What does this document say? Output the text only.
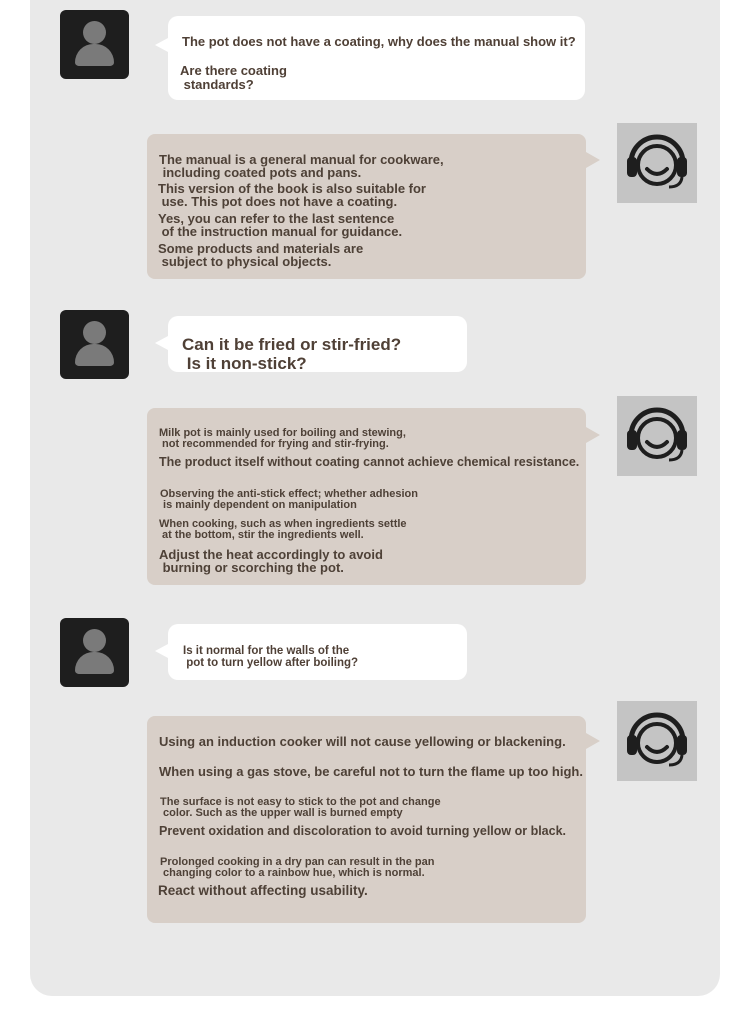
The pot does not have a coating, why does the manual show it?

Are there coating
standards?

The manual is a general manual for cookware,
including coated pots and pans.

This version of the book is also suitable for
use. This pot does not have a coating.

Yes, you can refer to the last sentence
of the instruction manual for guidance.

Some products and materials are
subject to physical objects.

Can it be fried or stir-fried?
Is it non-stick?

Milk pot is mainly used for boiling and stewing,
not recommended for frying and stir-frying.

The product itself without coating cannot achieve chemical resistance.

Observing the anti-stick effect; whether adhesion
is mainly dependent on manipulation

When cooking, such as when ingredients settle
at the bottom, stir the ingredients well.

Adjust the heat accordingly to avoid
burning or scorching the pot.

Is it normal for the walls of the
pot to turn yellow after boiling?

Using an induction cooker will not cause yellowing or blackening.

When using a gas stove, be careful not to turn the flame up too high.

The surface is not easy to stick to the pot and change
color. Such as the upper wall is burned empty

Prevent oxidation and discoloration to avoid turning yellow or black.

Prolonged cooking in a dry pan can result in the pan
changing color to a rainbow hue, which is normal.

React without affecting usability.
